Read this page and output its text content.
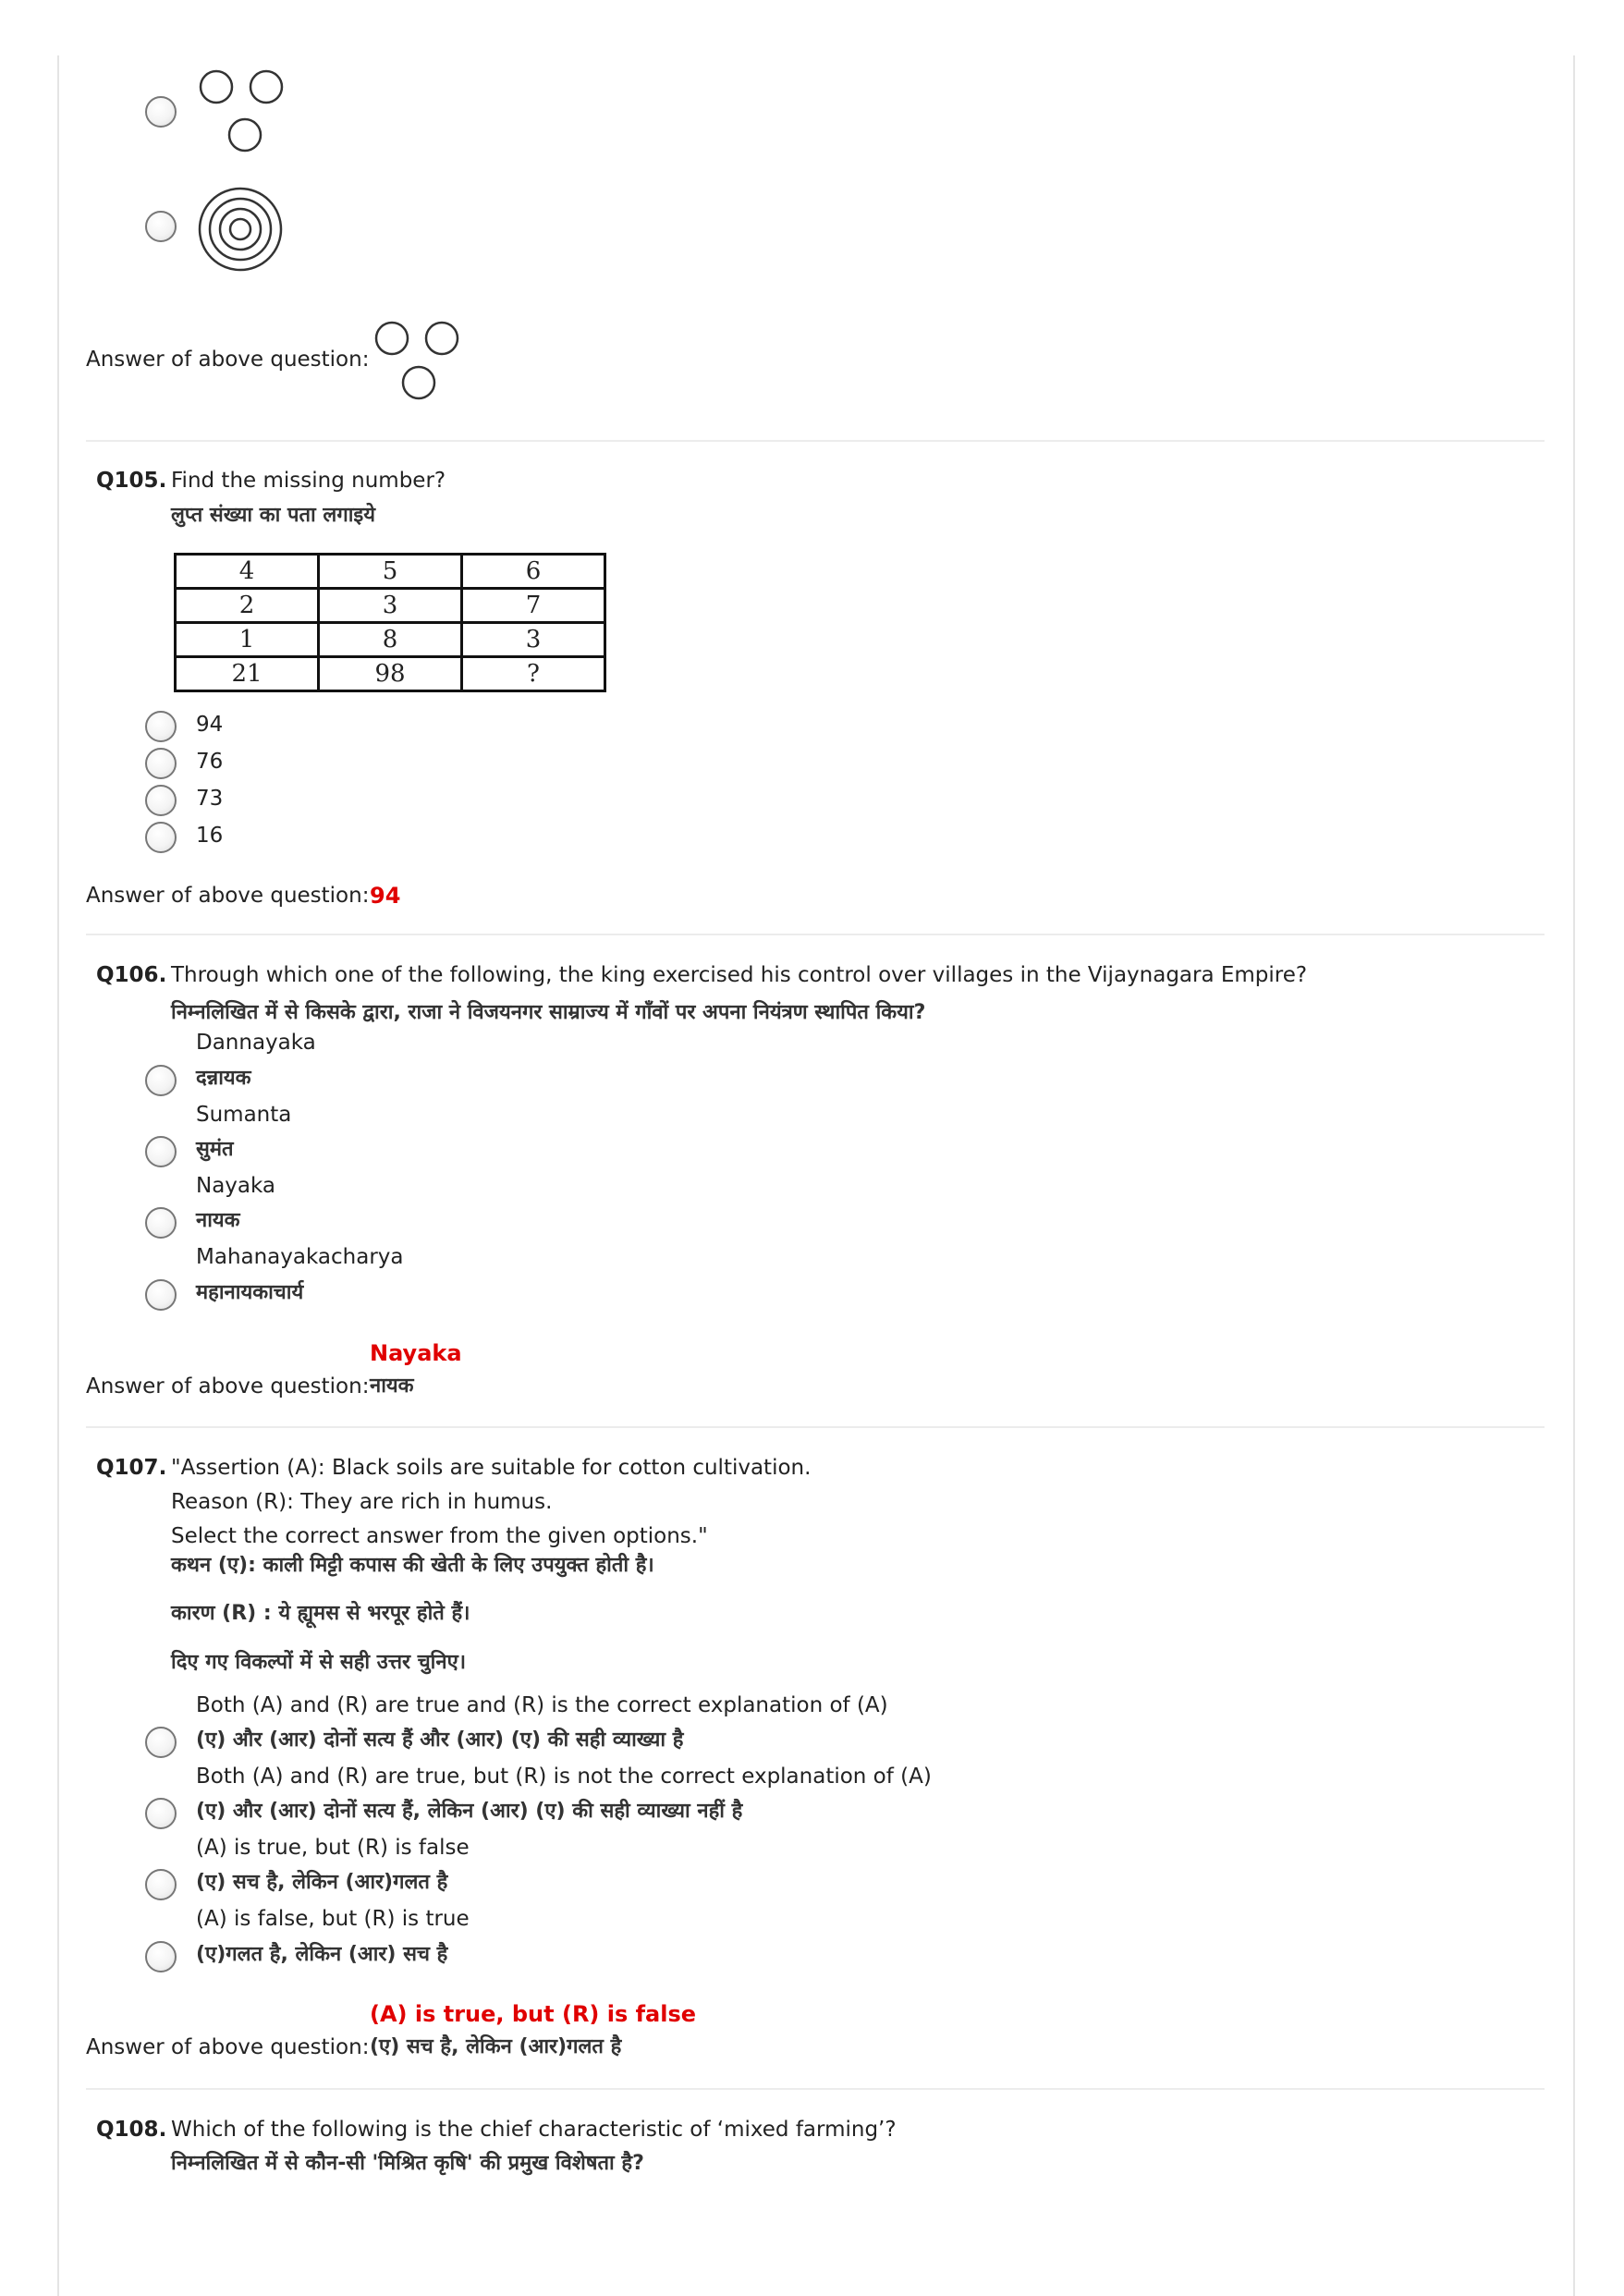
Answer of above question:
Q105. Find the missing number?
लुप्त संख्या का पता लगाइये
4	5	6
2	3	7
1	8	3
21	98	?
94
76
73
16
Answer of above question: 94
Q106. Through which one of the following, the king exercised his control over villages in the Vijaynagara Empire?
निम्नलिखित में से किसके द्वारा, राजा ने विजयनगर साम्राज्य में गाँवों पर अपना नियंत्रण स्थापित किया?
Dannayaka
दन्नायक
Sumanta
सुमंत
Nayaka
नायक
Mahanayakacharya
महानायकाचार्य
Nayaka
Answer of above question: नायक
Q107. "Assertion (A): Black soils are suitable for cotton cultivation.
Reason (R): They are rich in humus.
Select the correct answer from the given options."
कथन (ए): काली मिट्टी कपास की खेती के लिए उपयुक्त होती है।
कारण (R) : ये ह्यूमस से भरपूर होते हैं।
दिए गए विकल्पों में से सही उत्तर चुनिए।
Both (A) and (R) are true and (R) is the correct explanation of (A)
(ए) और (आर) दोनों सत्य हैं और (आर) (ए) की सही व्याख्या है
Both (A) and (R) are true, but (R) is not the correct explanation of (A)
(ए) और (आर) दोनों सत्य हैं, लेकिन (आर) (ए) की सही व्याख्या नहीं है
(A) is true, but (R) is false
(ए) सच है, लेकिन (आर)गलत है
(A) is false, but (R) is true
(ए)गलत है, लेकिन (आर) सच है
(A) is true, but (R) is false
Answer of above question: (ए) सच है, लेकिन (आर)गलत है
Q108. Which of the following is the chief characteristic of ‘mixed farming’?
निम्नलिखित में से कौन-सी 'मिश्रित कृषि' की प्रमुख विशेषता है?
